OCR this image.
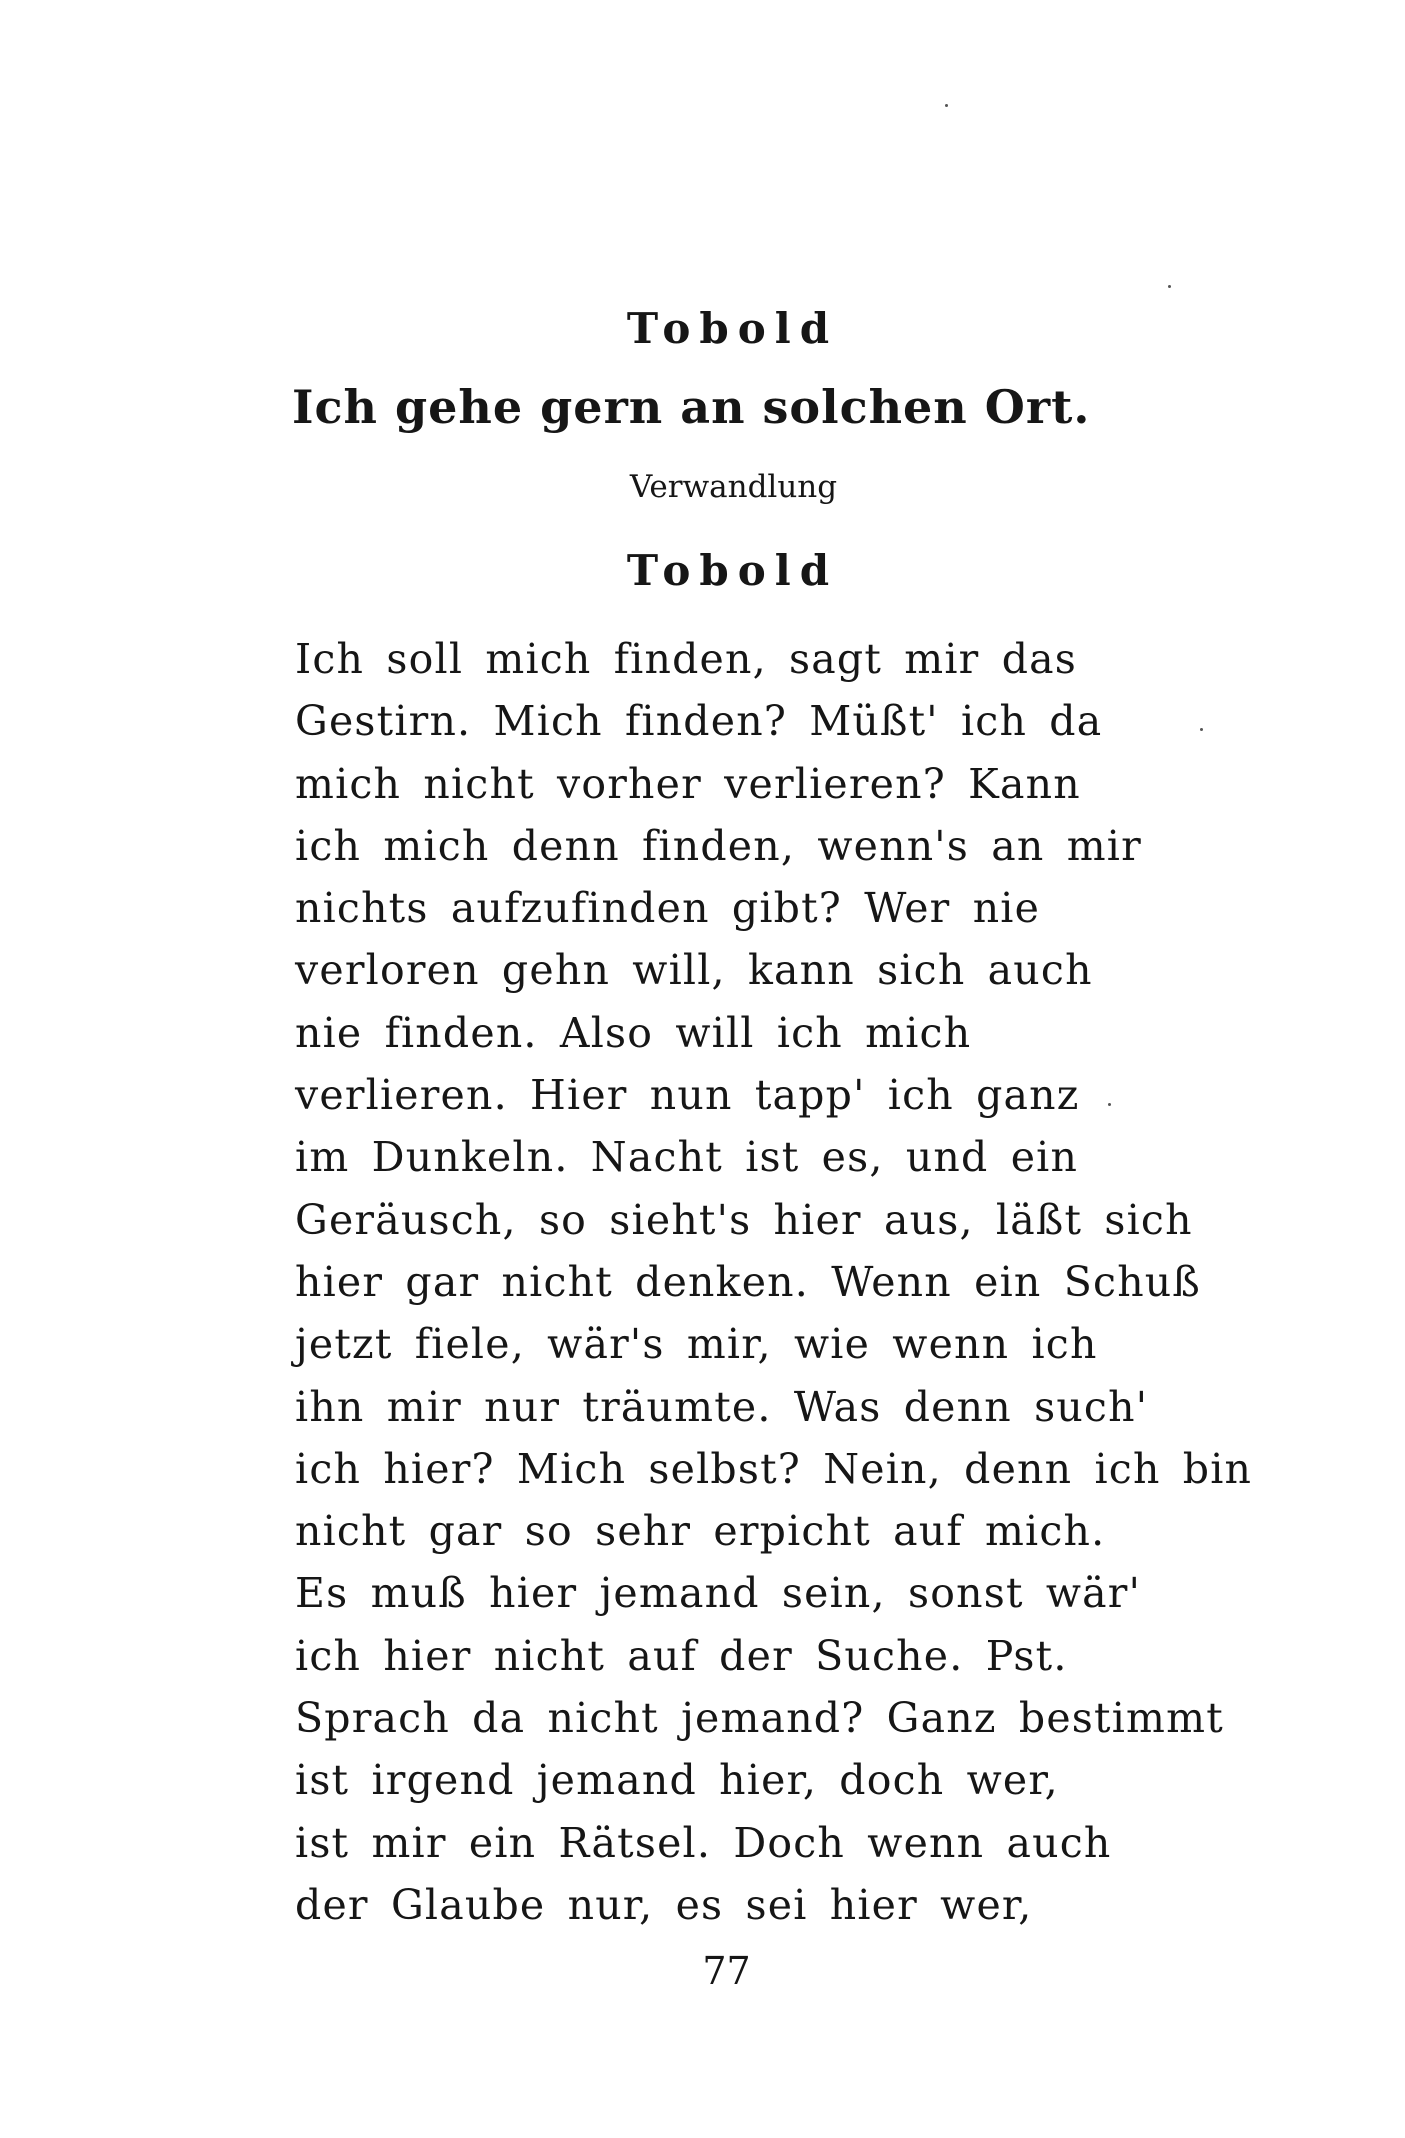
Tobold
Ich gehe gern an solchen Ort.
Verwandlung
Tobold
Ich soll mich finden, sagt mir das
Gestirn. Mich finden? Müßt' ich da
mich nicht vorher verlieren? Kann
ich mich denn finden, wenn's an mir
nichts aufzufinden gibt? Wer nie
verloren gehn will, kann sich auch
nie finden. Also will ich mich
verlieren. Hier nun tapp' ich ganz
im Dunkeln. Nacht ist es, und ein
Geräusch, so sieht's hier aus, läßt sich
hier gar nicht denken. Wenn ein Schuß
jetzt fiele, wär's mir, wie wenn ich
ihn mir nur träumte. Was denn such'
ich hier? Mich selbst? Nein, denn ich bin
nicht gar so sehr erpicht auf mich.
Es muß hier jemand sein, sonst wär'
ich hier nicht auf der Suche. Pst.
Sprach da nicht jemand? Ganz bestimmt
ist irgend jemand hier, doch wer,
ist mir ein Rätsel. Doch wenn auch
der Glaube nur, es sei hier wer,
77
